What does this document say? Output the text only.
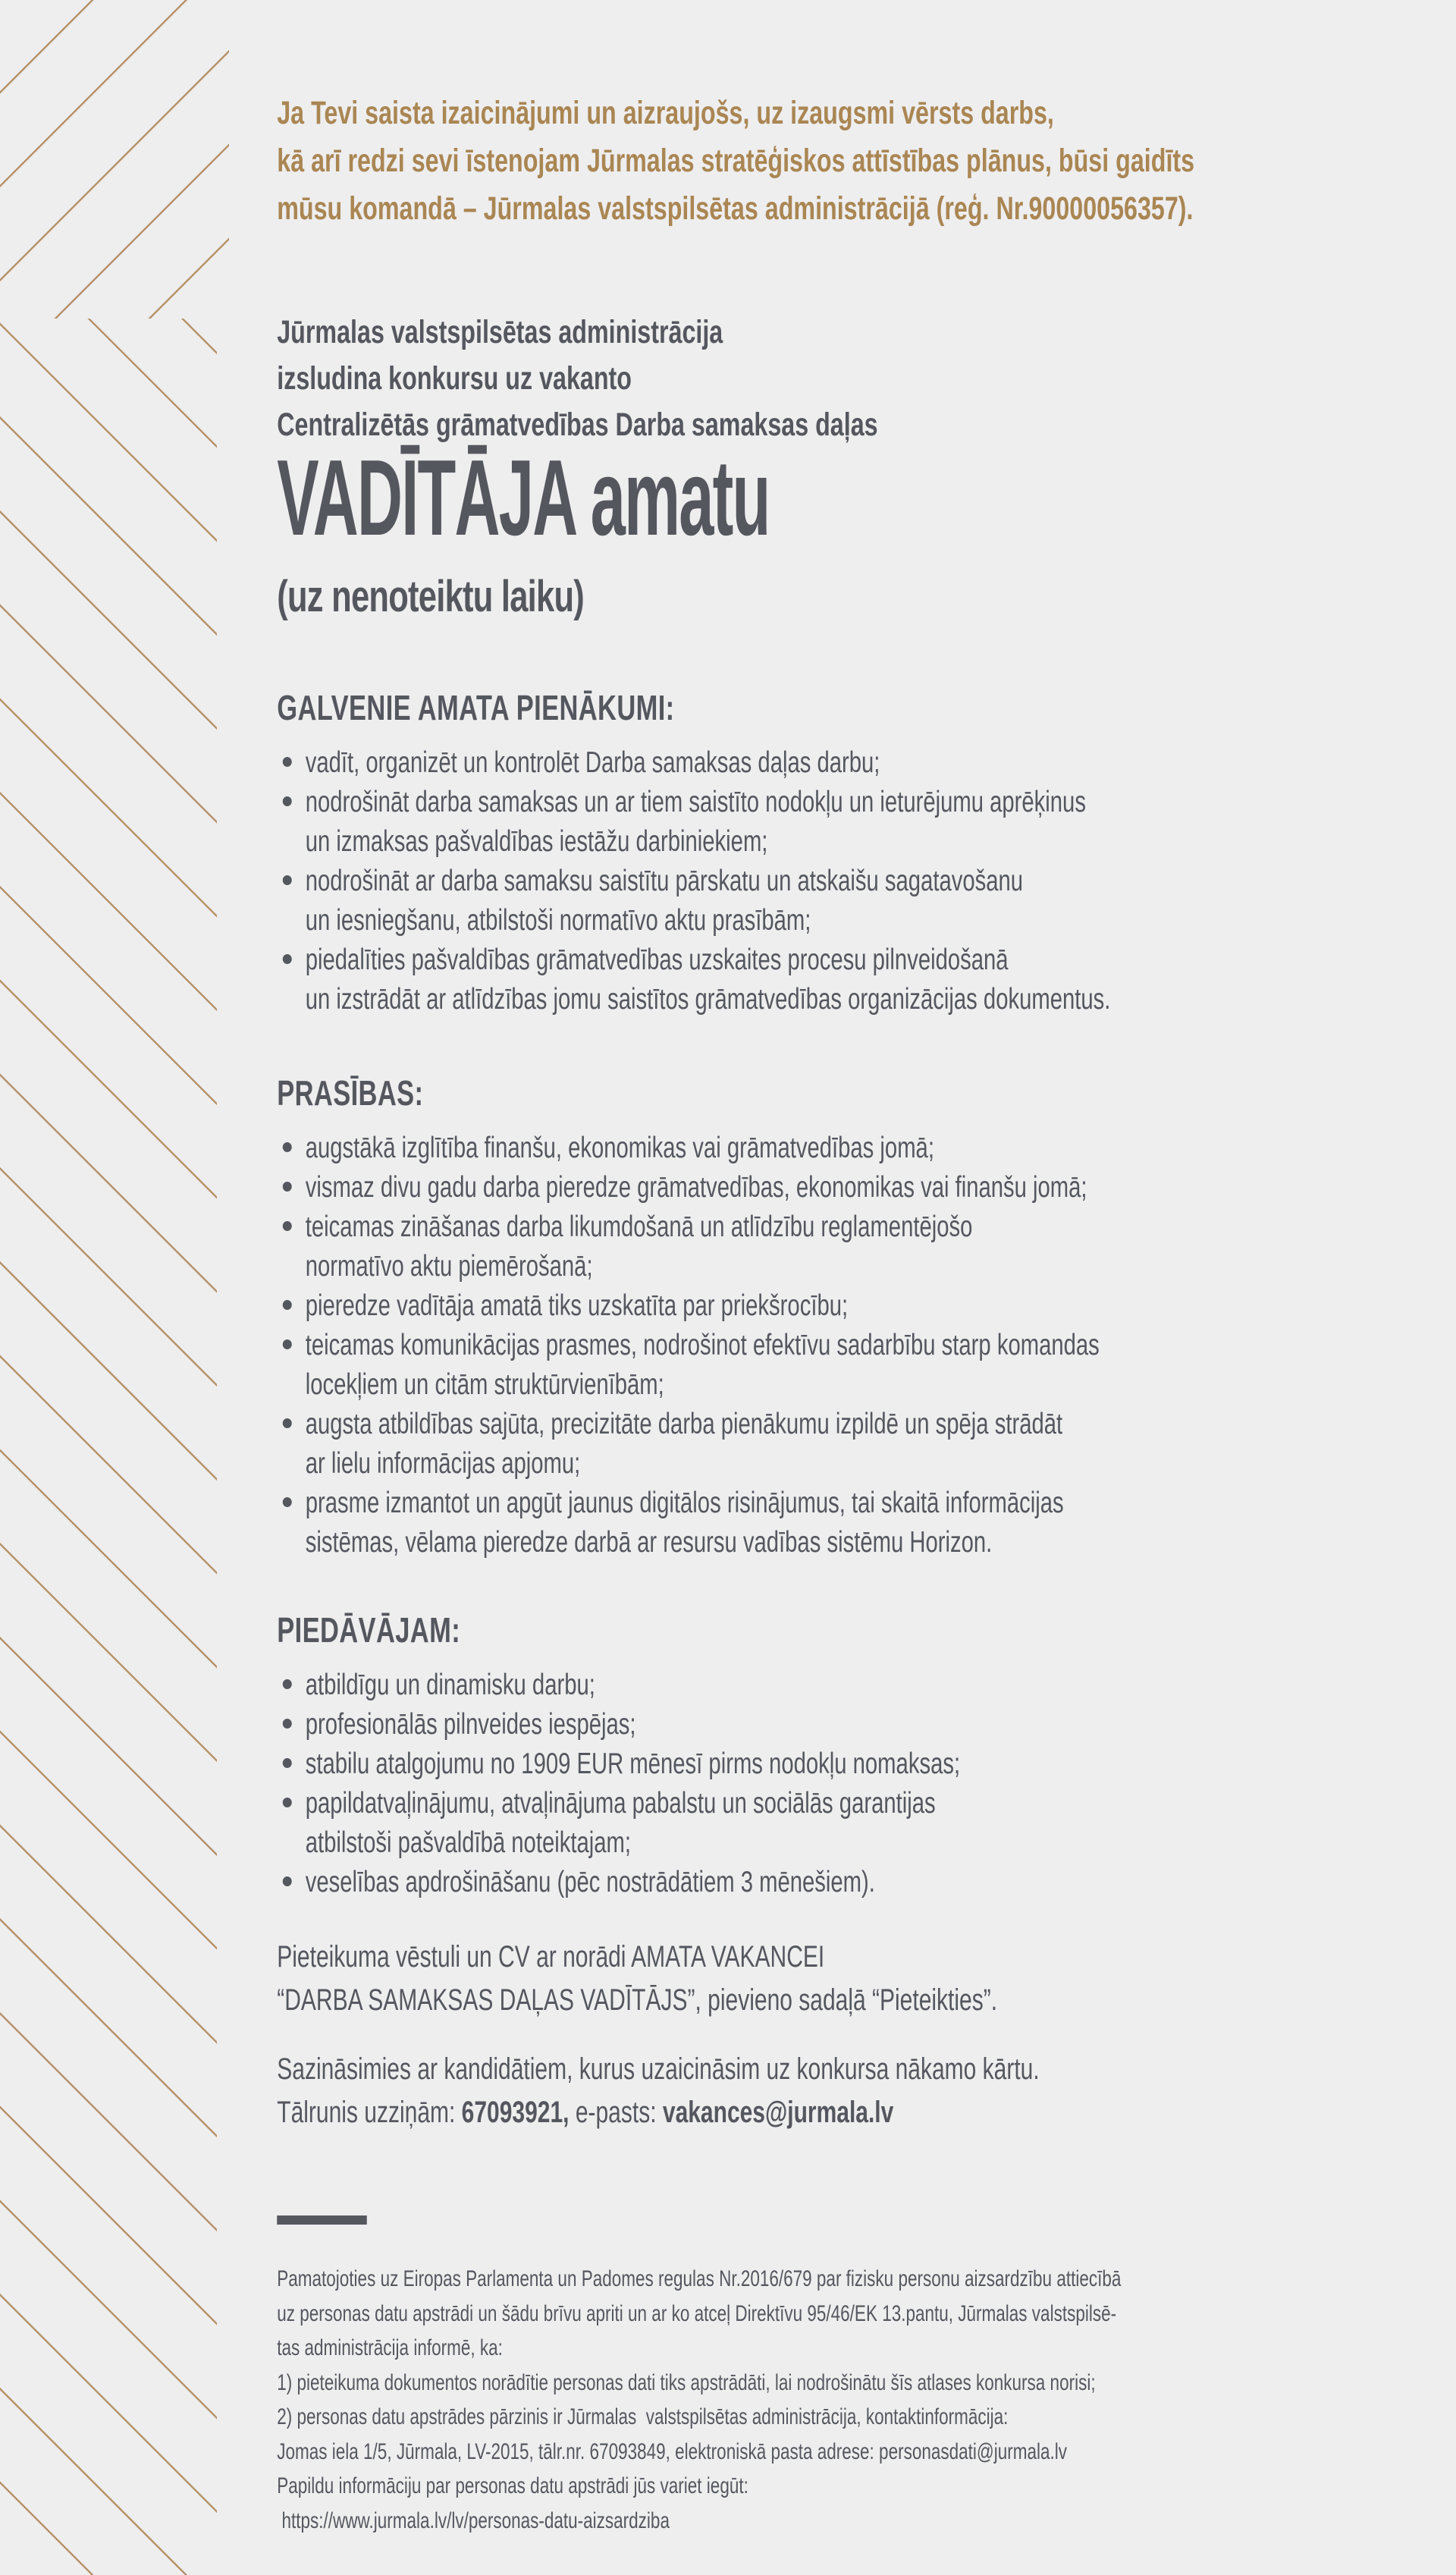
Ja Tevi saista izaicinājumi un aizraujošs, uz izaugsmi vērsts darbs,
kā arī redzi sevi īstenojam Jūrmalas stratēģiskos attīstības plānus, būsi gaidīts
mūsu komandā – Jūrmalas valstspilsētas administrācijā (reģ. Nr.90000056357).
Jūrmalas valstspilsētas administrācija
izsludina konkursu uz vakanto
Centralizētās grāmatvedības Darba samaksas daļas
VADĪTĀJA amatu
(uz nenoteiktu laiku)
GALVENIE AMATA PIENĀKUMI:
vadīt, organizēt un kontrolēt Darba samaksas daļas darbu;
nodrošināt darba samaksas un ar tiem saistīto nodokļu un ieturējumu aprēķinus
un izmaksas pašvaldības iestāžu darbiniekiem;
nodrošināt ar darba samaksu saistītu pārskatu un atskaišu sagatavošanu
un iesniegšanu, atbilstoši normatīvo aktu prasībām;
piedalīties pašvaldības grāmatvedības uzskaites procesu pilnveidošanā
un izstrādāt ar atlīdzības jomu saistītos grāmatvedības organizācijas dokumentus.
PRASĪBAS:
augstākā izglītība finanšu, ekonomikas vai grāmatvedības jomā;
vismaz divu gadu darba pieredze grāmatvedības, ekonomikas vai finanšu jomā;
teicamas zināšanas darba likumdošanā un atlīdzību reglamentējošo
normatīvo aktu piemērošanā;
pieredze vadītāja amatā tiks uzskatīta par priekšrocību;
teicamas komunikācijas prasmes, nodrošinot efektīvu sadarbību starp komandas
locekļiem un citām struktūrvienībām;
augsta atbildības sajūta, precizitāte darba pienākumu izpildē un spēja strādāt
ar lielu informācijas apjomu;
prasme izmantot un apgūt jaunus digitālos risinājumus, tai skaitā informācijas
sistēmas, vēlama pieredze darbā ar resursu vadības sistēmu Horizon.
PIEDĀVĀJAM:
atbildīgu un dinamisku darbu;
profesionālās pilnveides iespējas;
stabilu atalgojumu no 1909 EUR mēnesī pirms nodokļu nomaksas;
papildatvaļinājumu, atvaļinājuma pabalstu un sociālās garantijas
atbilstoši pašvaldībā noteiktajam;
veselības apdrošināšanu (pēc nostrādātiem 3 mēnešiem).
Pieteikuma vēstuli un CV ar norādi AMATA VAKANCEI
“DARBA SAMAKSAS DAĻAS VADĪTĀJS”, pievieno sadaļā “Pieteikties”.
Sazināsimies ar kandidātiem, kurus uzaicināsim uz konkursa nākamo kārtu.
Tālrunis uzziņām: 67093921, e-pasts: vakances@jurmala.lv
Pamatojoties uz Eiropas Parlamenta un Padomes regulas Nr.2016/679 par fizisku personu aizsardzību attiecībā
uz personas datu apstrādi un šādu brīvu apriti un ar ko atceļ Direktīvu 95/46/EK 13.pantu, Jūrmalas valstspilsē-
tas administrācija informē, ka:
1) pieteikuma dokumentos norādītie personas dati tiks apstrādāti, lai nodrošinātu šīs atlases konkursa norisi;
2) personas datu apstrādes pārzinis ir Jūrmalas  valstspilsētas administrācija, kontaktinformācija:
Jomas iela 1/5, Jūrmala, LV-2015, tālr.nr. 67093849, elektroniskā pasta adrese: personasdati@jurmala.lv
Papildu informāciju par personas datu apstrādi jūs variet iegūt:
https://www.jurmala.lv/lv/personas-datu-aizsardziba
